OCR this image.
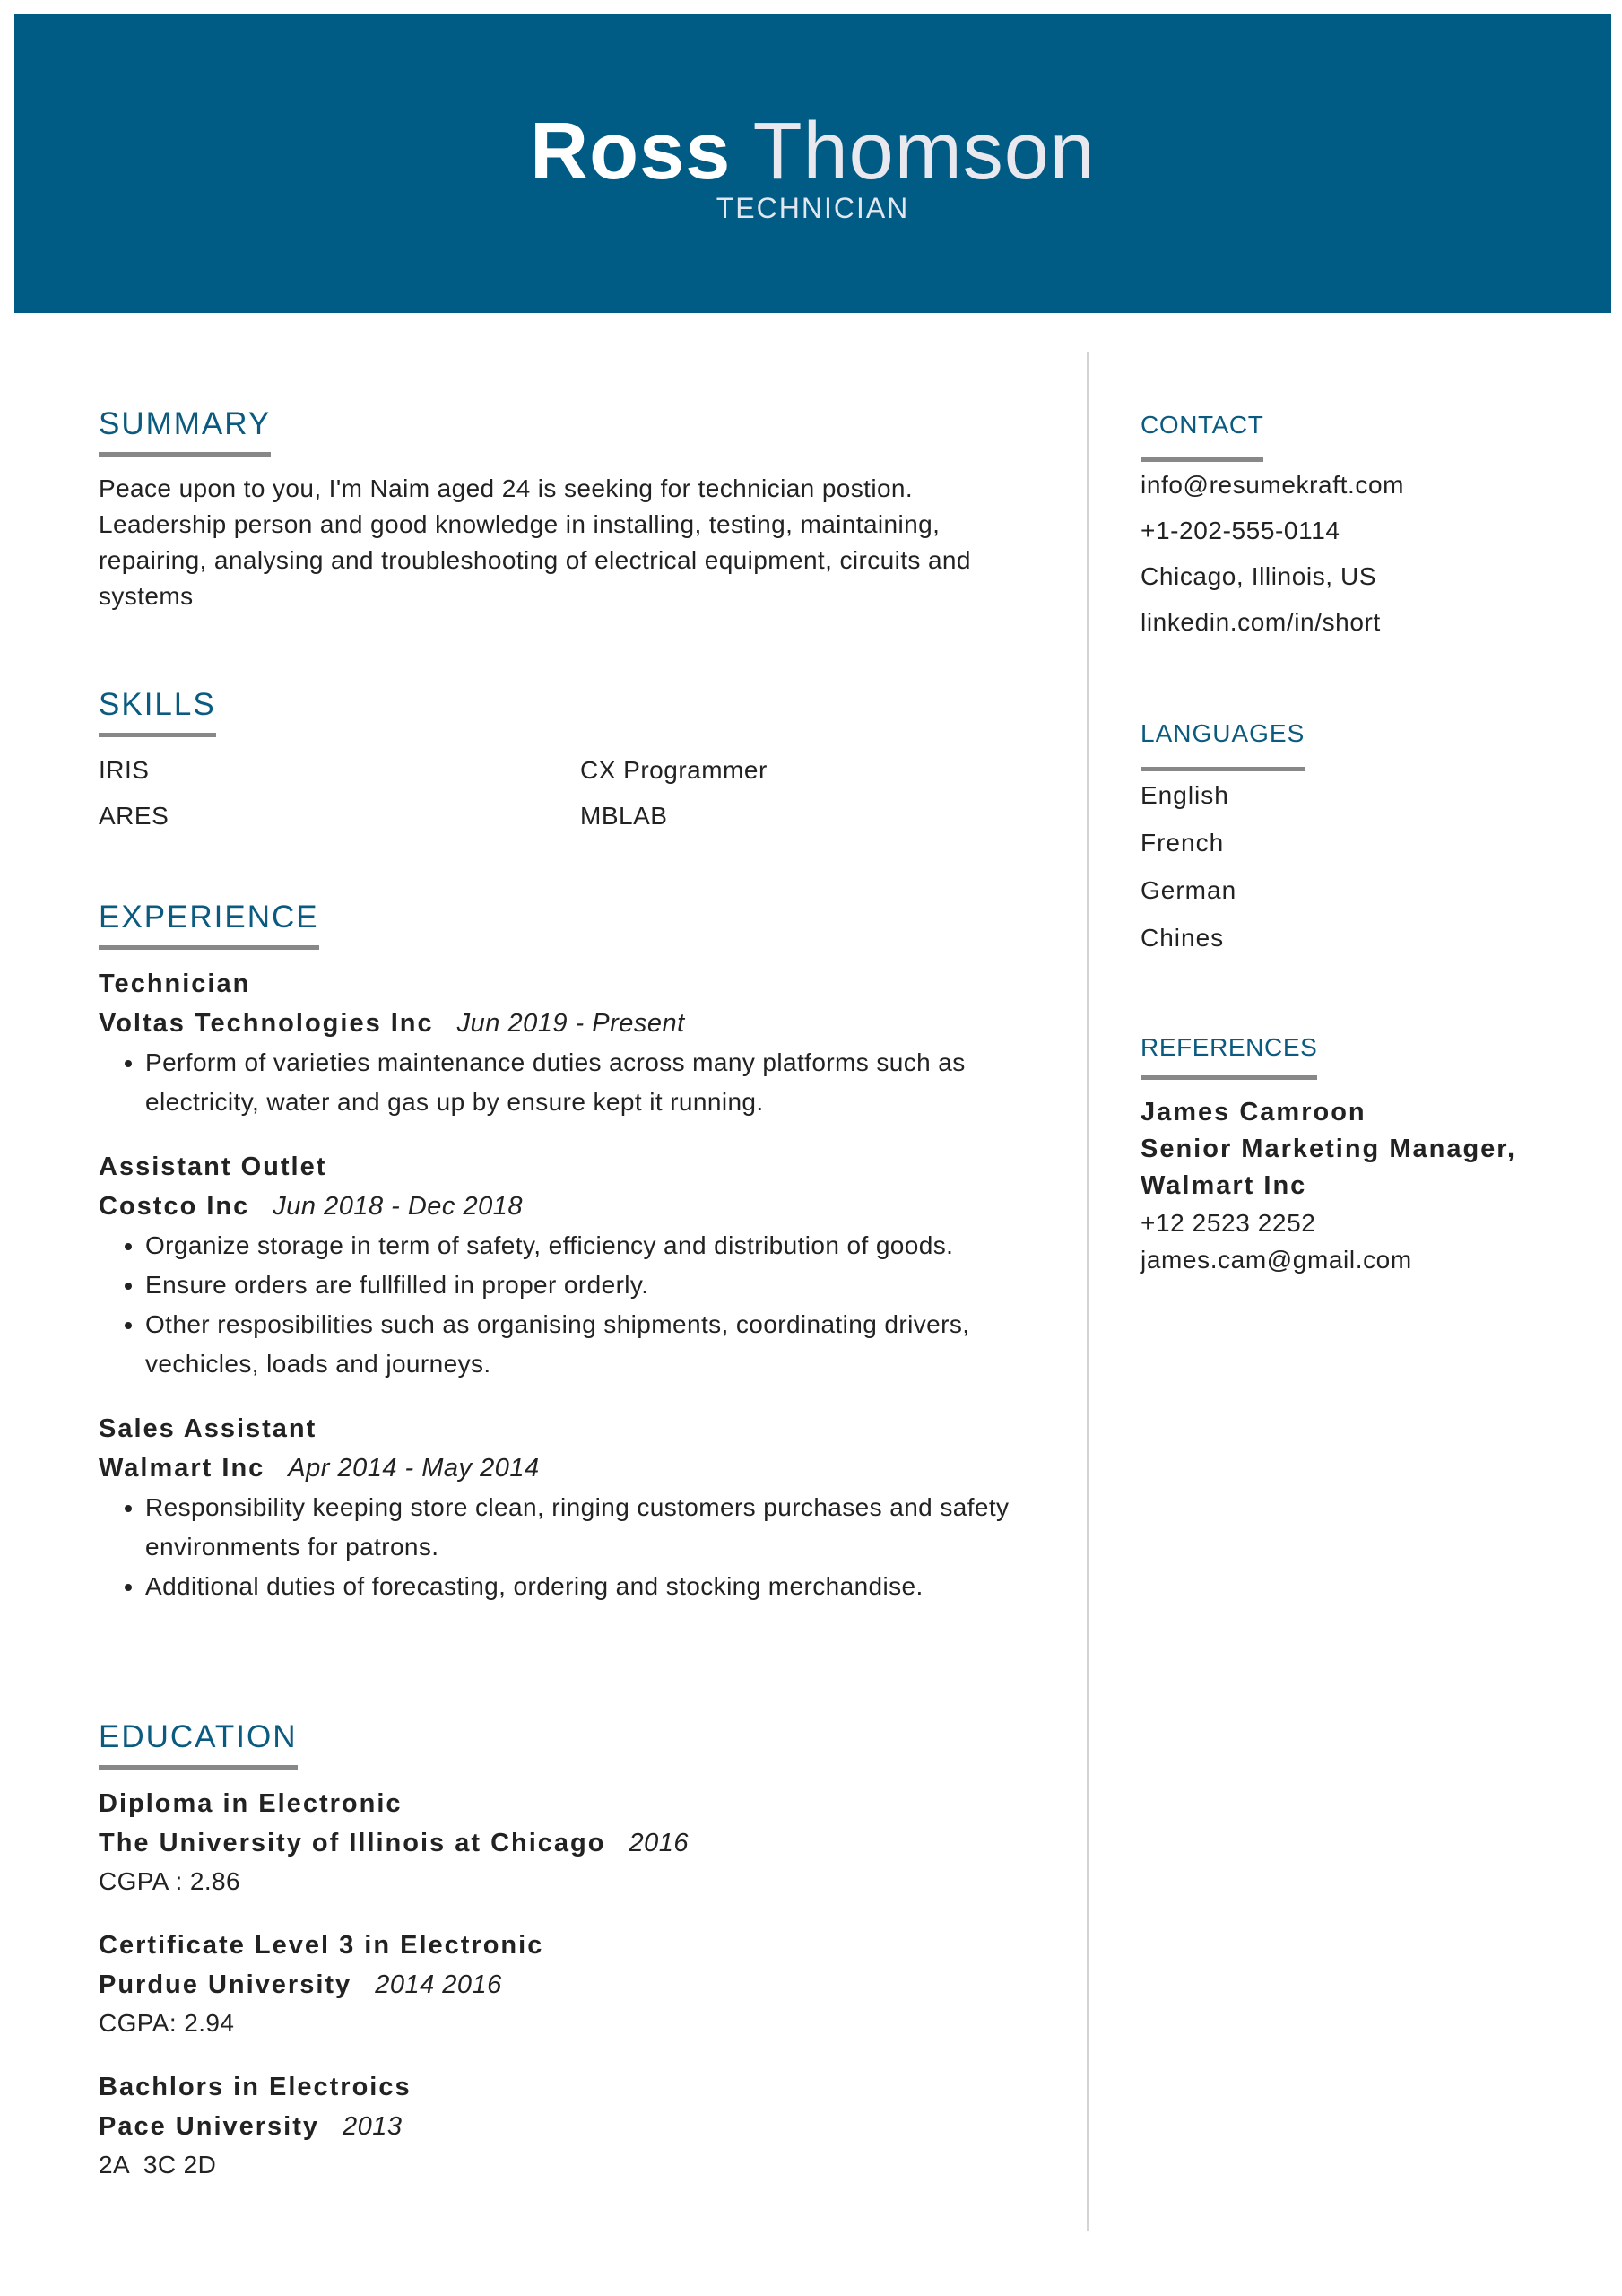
Ross Thomson
TECHNICIAN
SUMMARY
Peace upon to you, I'm Naim aged 24 is seeking for technician postion. Leadership person and good knowledge in installing, testing, maintaining, repairing, analysing and troubleshooting of electrical equipment, circuits and systems
SKILLS
IRIS	CX Programmer
ARES	MBLAB
EXPERIENCE
Technician
Voltas Technologies Inc Jun 2019 - Present
• Perform of varieties maintenance duties across many platforms such as electricity, water and gas up by ensure kept it running.
Assistant Outlet
Costco Inc Jun 2018 - Dec 2018
• Organize storage in term of safety, efficiency and distribution of goods.
• Ensure orders are fullfilled in proper orderly.
• Other resposibilities such as organising shipments, coordinating drivers, vechicles, loads and journeys.
Sales Assistant
Walmart Inc Apr 2014 - May 2014
• Responsibility keeping store clean, ringing customers purchases and safety environments for patrons.
• Additional duties of forecasting, ordering and stocking merchandise.
EDUCATION
Diploma in Electronic
The University of Illinois at Chicago 2016
CGPA : 2.86
Certificate Level 3 in Electronic
Purdue University 2014 2016
CGPA: 2.94
Bachlors in Electroics
Pace University 2013
2A  3C 2D
CONTACT
info@resumekraft.com
+1-202-555-0114
Chicago, Illinois, US
linkedin.com/in/short
LANGUAGES
English
French
German
Chines
REFERENCES
James Camroon
Senior Marketing Manager, Walmart Inc
+12 2523 2252
james.cam@gmail.com
